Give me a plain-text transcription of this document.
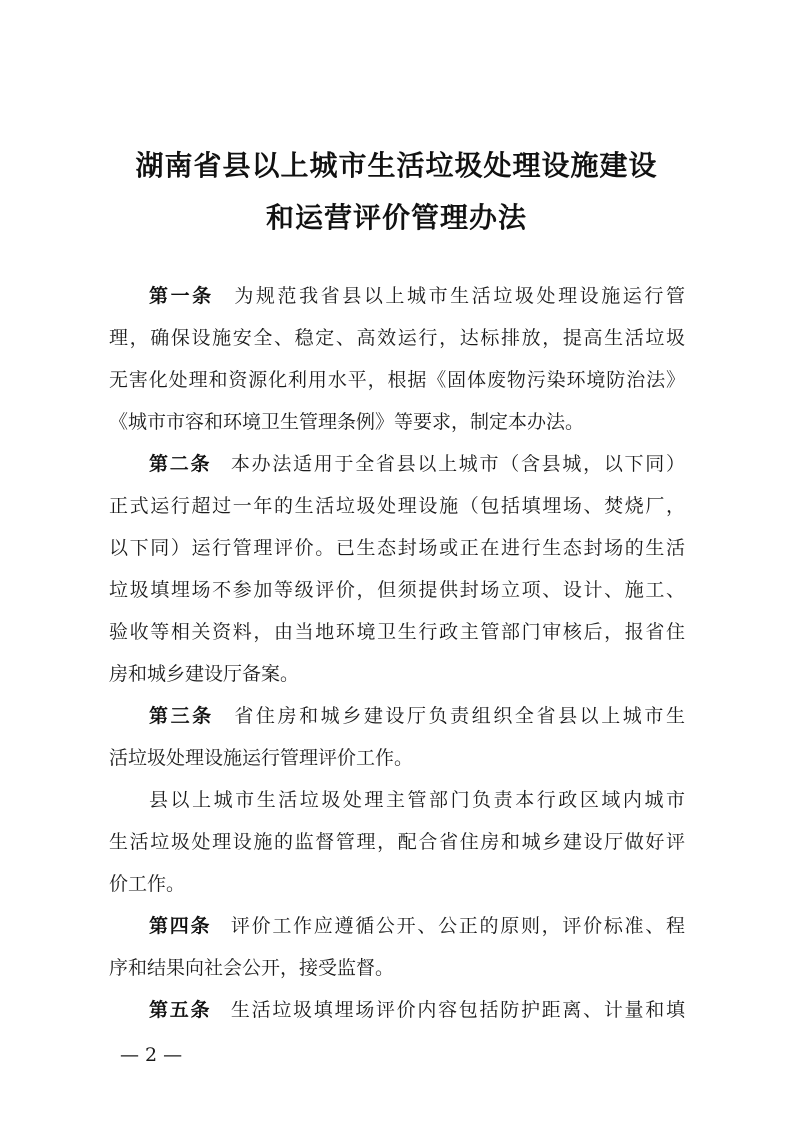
湖南省县以上城市生活垃圾处理设施建设
和运营评价管理办法
第一条 为规范我省县以上城市生活垃圾处理设施运行管
理，确保设施安全、稳定、高效运行，达标排放，提高生活垃圾
无害化处理和资源化利用水平，根据《固体废物污染环境防治法》
《城市市容和环境卫生管理条例》等要求，制定本办法。
第二条 本办法适用于全省县以上城市（含县城，以下同）
正式运行超过一年的生活垃圾处理设施（包括填埋场、焚烧厂，
以下同）运行管理评价。已生态封场或正在进行生态封场的生活
垃圾填埋场不参加等级评价，但须提供封场立项、设计、施工、
验收等相关资料，由当地环境卫生行政主管部门审核后，报省住
房和城乡建设厅备案。
第三条 省住房和城乡建设厅负责组织全省县以上城市生
活垃圾处理设施运行管理评价工作。
县以上城市生活垃圾处理主管部门负责本行政区域内城市
生活垃圾处理设施的监督管理，配合省住房和城乡建设厅做好评
价工作。
第四条 评价工作应遵循公开、公正的原则，评价标准、程
序和结果向社会公开，接受监督。
第五条 生活垃圾填埋场评价内容包括防护距离、计量和填
— 2 —
